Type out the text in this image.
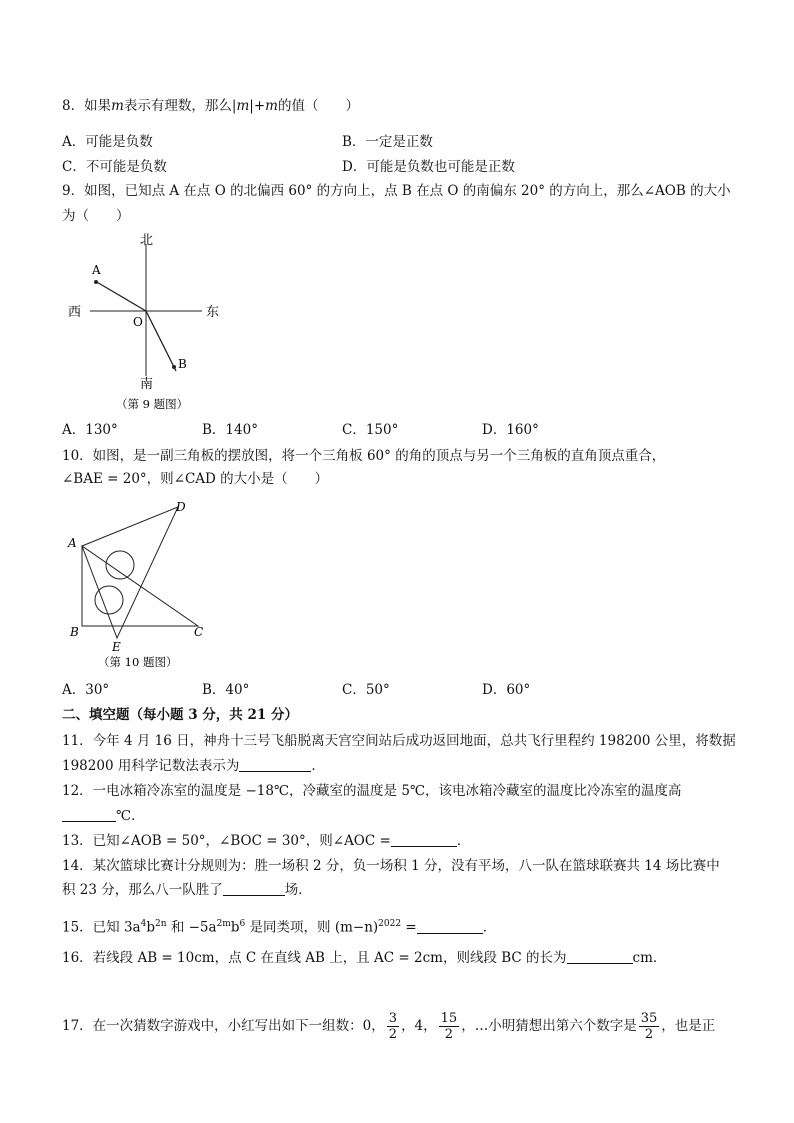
8．如果m表示有理数，那么|m|+m的值（　　）
A．可能是负数	B．一定是正数
C．不可能是负数	D．可能是负数也可能是正数
9．如图，已知点 A 在点 O 的北偏西 60° 的方向上，点 B 在点 O 的南偏东 20° 的方向上，那么∠AOB 的大小
为（　　）
北
南
西	东
A
B
O
（第 9 题图）
A．130°	B．140°	C．150°	D．160°
10．如图，是一副三角板的摆放图，将一个三角板 60° 的角的顶点与另一个三角板的直角顶点重合，
∠BAE = 20°，则∠CAD 的大小是（　　）
A
B	C
D
E
（第 10 题图）
A．30°	B．40°	C．50°	D．60°
二、填空题（每小题 3 分，共 21 分）
11．今年 4 月 16 日，神舟十三号飞船脱离天宫空间站后成功返回地面，总共飞行里程约 198200 公里，将数据
198200 用科学记数法表示为	．
12．一电冰箱冷冻室的温度是 −18℃，冷藏室的温度是 5℃，该电冰箱冷藏室的温度比冷冻室的温度高
℃．
13．已知∠AOB = 50°，∠BOC = 30°，则∠AOC =	．
14．某次篮球比赛计分规则为：胜一场积 2 分，负一场积 1 分，没有平场，八一队在篮球联赛共 14 场比赛中
积 23 分，那么八一队胜了	场．
15．已知 $3a^4b^{2n}$ 和 $-5a^{2m}b^6$ 是同类项，则 $(m-n)^{2022}$ =	．
16．若线段 AB = 10cm，点 C 在直线 AB 上，且 AC = 2cm，则线段 BC 的长为	cm．
17．在一次猜数字游戏中，小红写出如下一组数：0， $\frac{3}{2}$ ，4， $\frac{15}{2}$ ，…小明猜想出第六个数字是 $\frac{35}{2}$ ，也是正
